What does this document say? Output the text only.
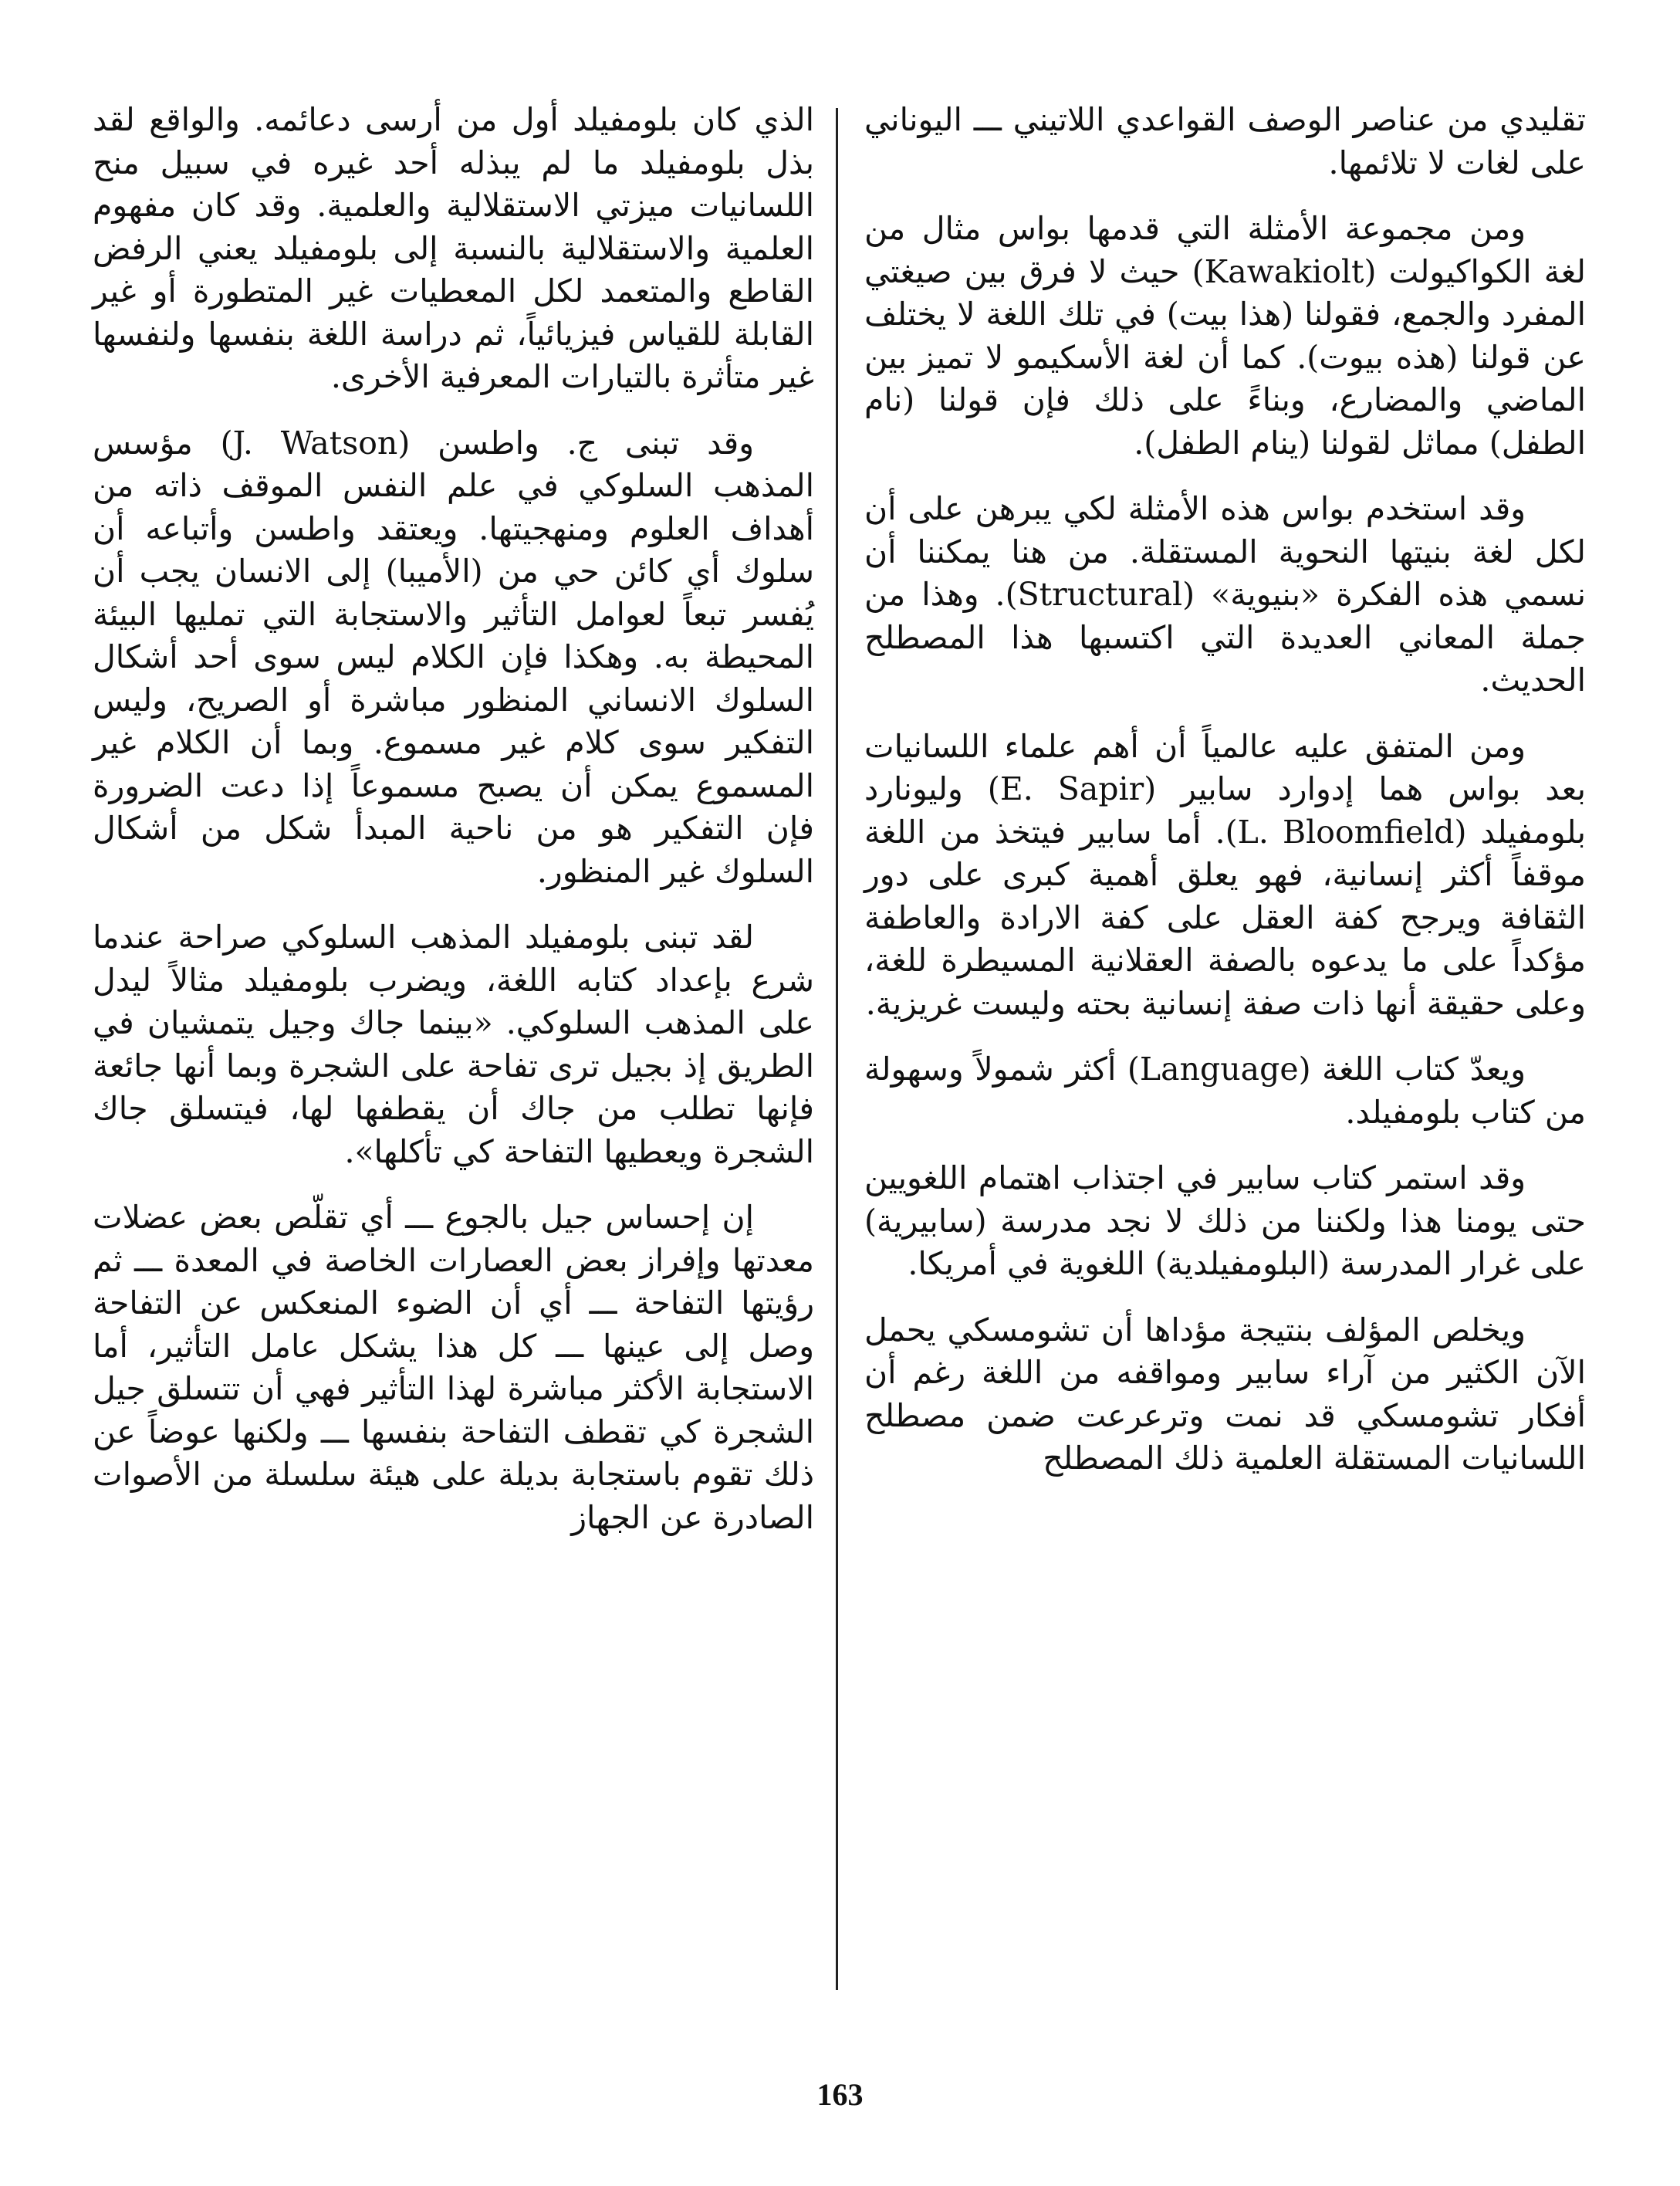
تقليدي من عناصر الوصف القواعدي اللاتيني ـــ اليوناني على لغات لا تلائمها.

ومن مجموعة الأمثلة التي قدمها بواس مثال من لغة الكواكيولت (Kawakiolt) حيث لا فرق بين صيغتي المفرد والجمع، فقولنا (هذا بيت) في تلك اللغة لا يختلف عن قولنا (هذه بيوت). كما أن لغة الأسكيمو لا تميز بين الماضي والمضارع، وبناءً على ذلك فإن قولنا (نام الطفل) مماثل لقولنا (ينام الطفل).

وقد استخدم بواس هذه الأمثلة لكي يبرهن على أن لكل لغة بنيتها النحوية المستقلة. من هنا يمكننا أن نسمي هذه الفكرة «بنيوية» (Structural). وهذا من جملة المعاني العديدة التي اكتسبها هذا المصطلح الحديث.

ومن المتفق عليه عالمياً أن أهم علماء اللسانيات بعد بواس هما إدوارد سابير (E. Sapir) وليونارد بلومفيلد (L. Bloomfield). أما سابير فيتخذ من اللغة موقفاً أكثر إنسانية، فهو يعلق أهمية كبرى على دور الثقافة ويرجح كفة العقل على كفة الارادة والعاطفة مؤكداً على ما يدعوه بالصفة العقلانية المسيطرة للغة، وعلى حقيقة أنها ذات صفة إنسانية بحته وليست غريزية.

ويعدّ كتاب اللغة (Language) أكثر شمولاً وسهولة من كتاب بلومفيلد.

وقد استمر كتاب سابير في اجتذاب اهتمام اللغويين حتى يومنا هذا ولكننا من ذلك لا نجد مدرسة (سابيرية) على غرار المدرسة (البلومفيلدية) اللغوية في أمريكا.

ويخلص المؤلف بنتيجة مؤداها أن تشومسكي يحمل الآن الكثير من آراء سابير ومواقفه من اللغة رغم أن أفكار تشومسكي قد نمت وترعرعت ضمن مصطلح اللسانيات المستقلة العلمية ذلك المصطلح

الذي كان بلومفيلد أول من أرسى دعائمه. والواقع لقد بذل بلومفيلد ما لم يبذله أحد غيره في سبيل منح اللسانيات ميزتي الاستقلالية والعلمية. وقد كان مفهوم العلمية والاستقلالية بالنسبة إلى بلومفيلد يعني الرفض القاطع والمتعمد لكل المعطيات غير المتطورة أو غير القابلة للقياس فيزيائياً، ثم دراسة اللغة بنفسها ولنفسها غير متأثرة بالتيارات المعرفية الأخرى.

وقد تبنى ج. واطسن (J. Watson) مؤسس المذهب السلوكي في علم النفس الموقف ذاته من أهداف العلوم ومنهجيتها. ويعتقد واطسن وأتباعه أن سلوك أي كائن حي من (الأميبا) إلى الانسان يجب أن يُفسر تبعاً لعوامل التأثير والاستجابة التي تمليها البيئة المحيطة به. وهكذا فإن الكلام ليس سوى أحد أشكال السلوك الانساني المنظور مباشرة أو الصريح، وليس التفكير سوى كلام غير مسموع. وبما أن الكلام غير المسموع يمكن أن يصبح مسموعاً إذا دعت الضرورة فإن التفكير هو من ناحية المبدأ شكل من أشكال السلوك غير المنظور.

لقد تبنى بلومفيلد المذهب السلوكي صراحة عندما شرع بإعداد كتابه اللغة، ويضرب بلومفيلد مثالاً ليدل على المذهب السلوكي. «بينما جاك وجيل يتمشيان في الطريق إذ بجيل ترى تفاحة على الشجرة وبما أنها جائعة فإنها تطلب من جاك أن يقطفها لها، فيتسلق جاك الشجرة ويعطيها التفاحة كي تأكلها».

إن إحساس جيل بالجوع ـــ أي تقلّص بعض عضلات معدتها وإفراز بعض العصارات الخاصة في المعدة ـــ ثم رؤيتها التفاحة ـــ أي أن الضوء المنعكس عن التفاحة وصل إلى عينها ـــ كل هذا يشكل عامل التأثير، أما الاستجابة الأكثر مباشرة لهذا التأثير فهي أن تتسلق جيل الشجرة كي تقطف التفاحة بنفسها ـــ ولكنها عوضاً عن ذلك تقوم باستجابة بديلة على هيئة سلسلة من الأصوات الصادرة عن الجهاز

163
